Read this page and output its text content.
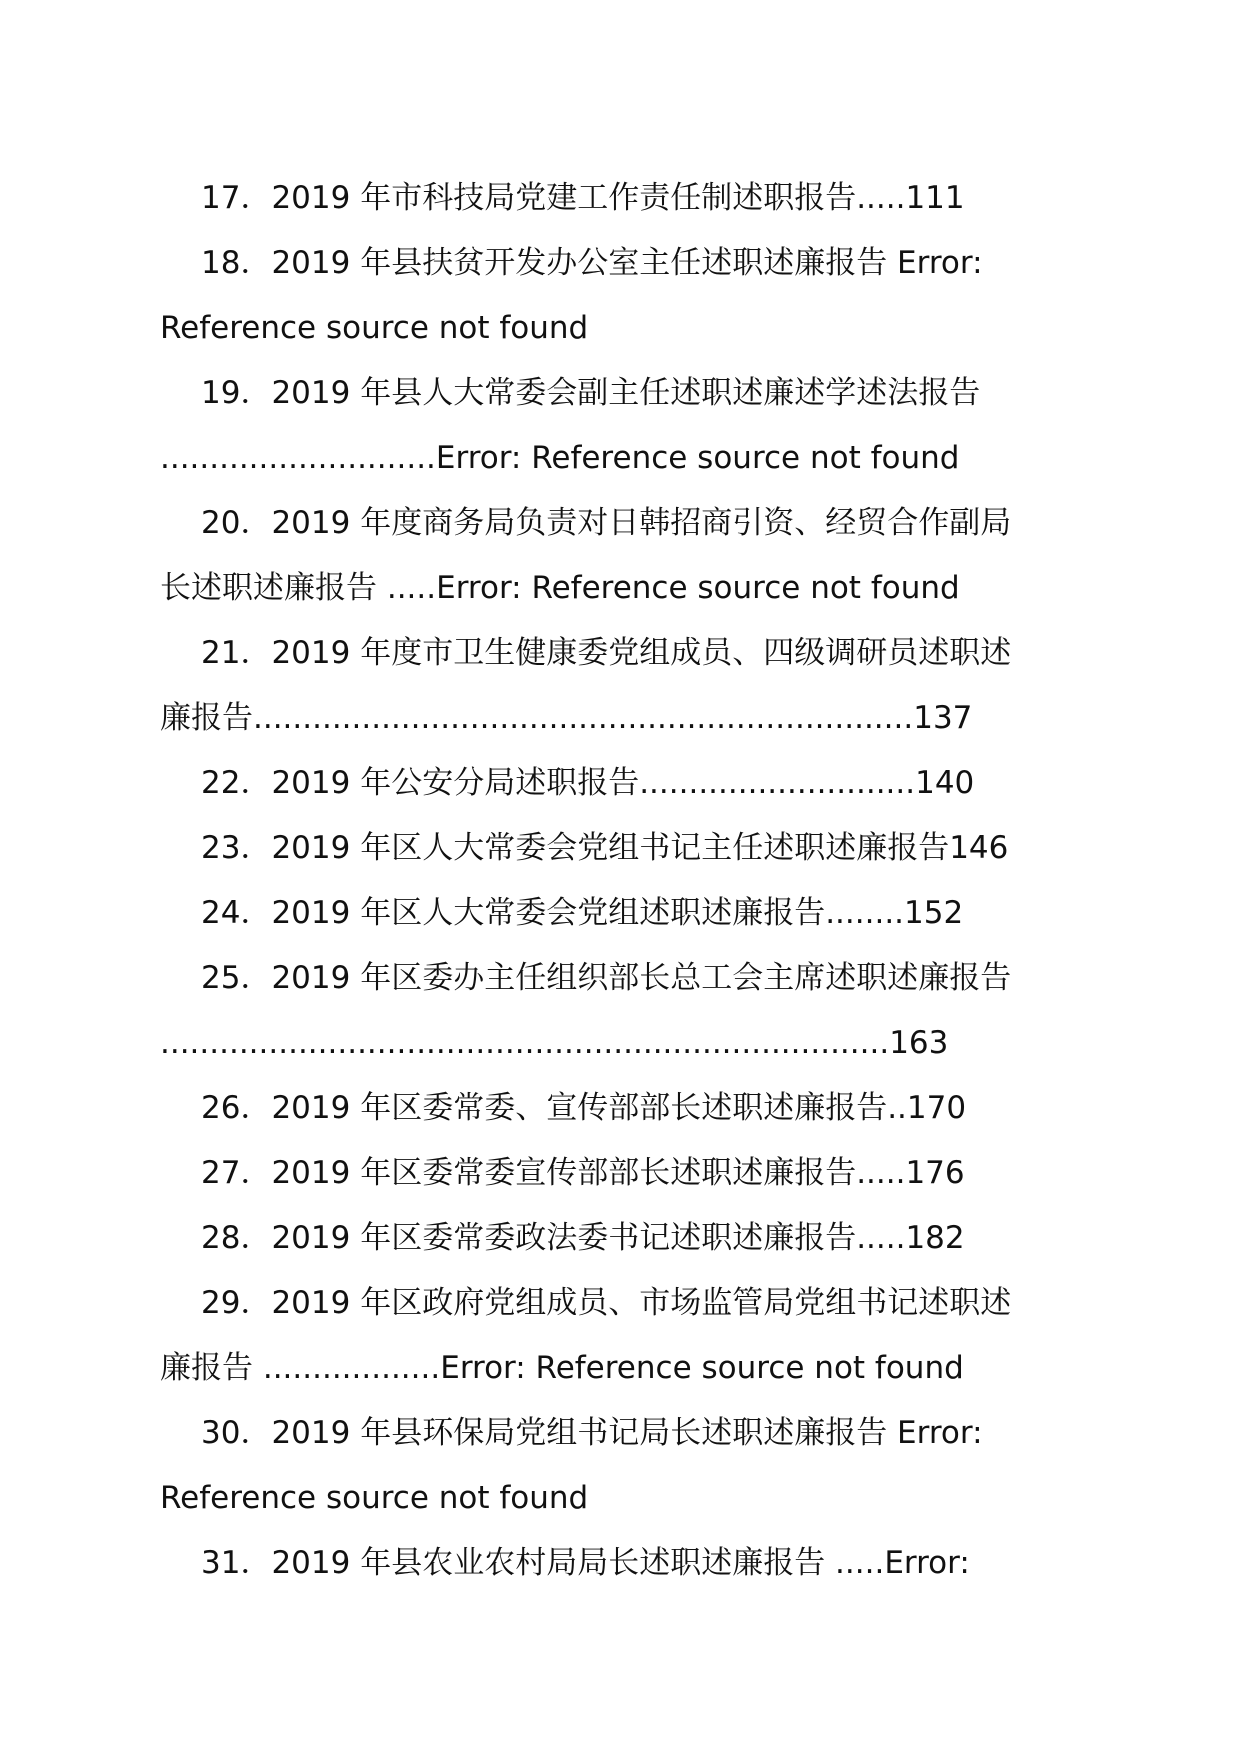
17．2019 年市科技局党建工作责任制述职报告.....111
18．2019 年县扶贫开发办公室主任述职述廉报告 Error:
Reference source not found
19．2019 年县人大常委会副主任述职述廉述学述法报告
............................Error: Reference source not found
20．2019 年度商务局负责对日韩招商引资、经贸合作副局
长述职述廉报告 .....Error: Reference source not found
21．2019 年度市卫生健康委党组成员、四级调研员述职述
廉报告...................................................................137
22．2019 年公安分局述职报告............................140
23．2019 年区人大常委会党组书记主任述职述廉报告146
24．2019 年区人大常委会党组述职述廉报告........152
25．2019 年区委办主任组织部长总工会主席述职述廉报告
..........................................................................163
26．2019 年区委常委、宣传部部长述职述廉报告..170
27．2019 年区委常委宣传部部长述职述廉报告.....176
28．2019 年区委常委政法委书记述职述廉报告.....182
29．2019 年区政府党组成员、市场监管局党组书记述职述
廉报告 ..................Error: Reference source not found
30．2019 年县环保局党组书记局长述职述廉报告 Error:
Reference source not found
31．2019 年县农业农村局局长述职述廉报告 .....Error:
